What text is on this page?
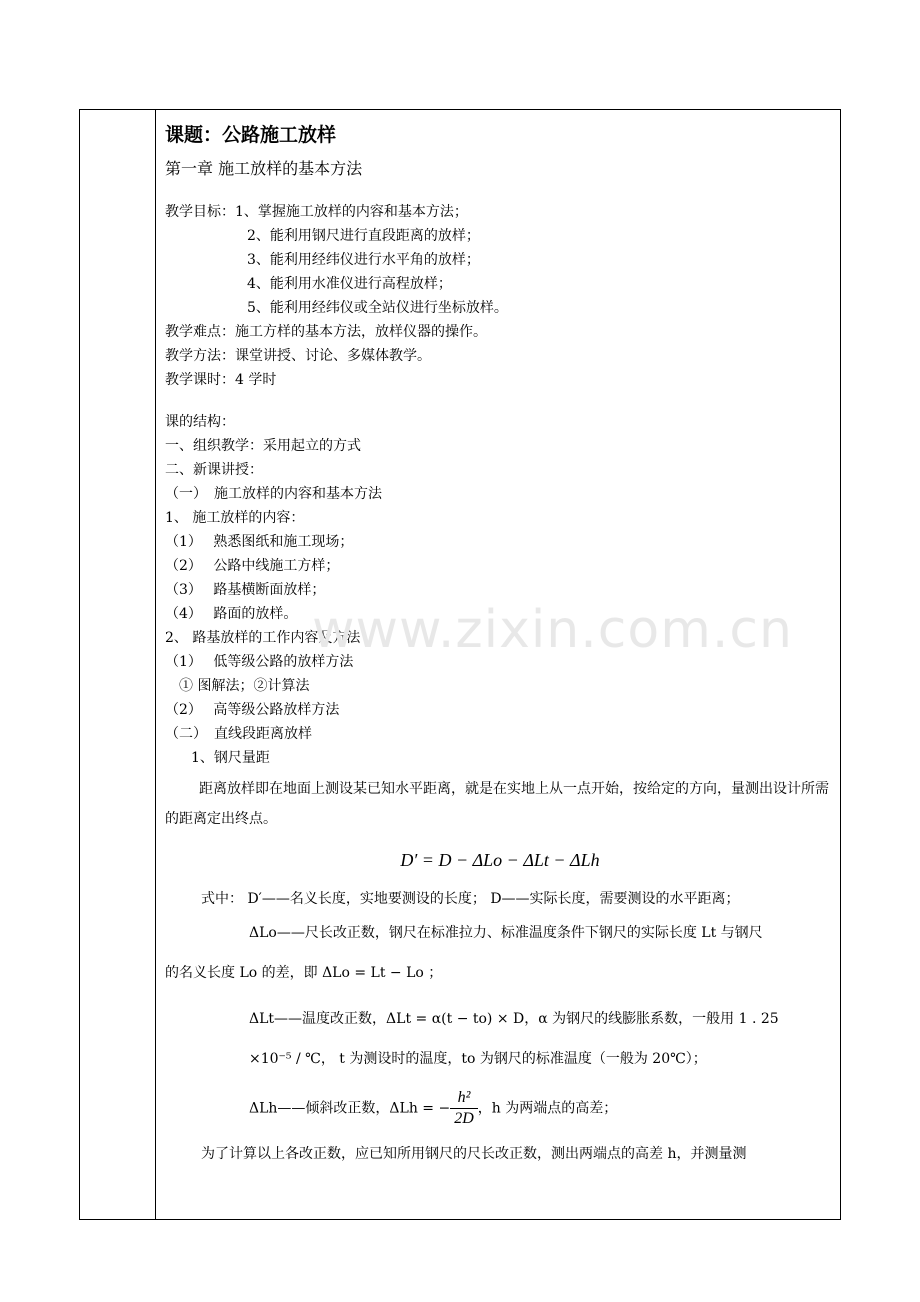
课题：公路施工放样
第一章 施工放样的基本方法
教学目标：1、掌握施工放样的内容和基本方法；
2、能利用钢尺进行直段距离的放样；
3、能利用经纬仪进行水平角的放样；
4、能利用水准仪进行高程放样；
5、能利用经纬仪或全站仪进行坐标放样。
教学难点：施工方样的基本方法，放样仪器的操作。
教学方法：课堂讲授、讨论、多媒体教学。
教学课时：4 学时
课的结构：
一、组织教学：采用起立的方式
二、新课讲授：
（一）　施工放样的内容和基本方法
1、 施工放样的内容：
（1）　 熟悉图纸和施工现场；
（2）　 公路中线施工方样；
（3）　 路基横断面放样；
（4）　 路面的放样。
2、 路基放样的工作内容及方法
（1）　 低等级公路的放样方法
① 图解法；②计算法
（2）　 高等级公路放样方法
（二）　直线段距离放样
1、钢尺量距
距离放样即在地面上测设某已知水平距离，就是在实地上从一点开始，按给定的方向，量测出设计所需的距离定出终点。
D′ = D − ΔLo − ΔLt − ΔLh
式中： D′——名义长度，实地要测设的长度； D——实际长度，需要测设的水平距离；
ΔLo——尺长改正数，钢尺在标准拉力、标准温度条件下钢尺的实际长度 Lt 与钢尺
的名义长度 Lo 的差，即 ΔLo = Lt − Lo ；
ΔLt——温度改正数，ΔLt = α(t − to) × D，α 为钢尺的线膨胀系数，一般用 1 . 25
×10⁻⁵ / ℃， t 为测设时的温度，to 为钢尺的标准温度（一般为 20℃）；
ΔLh——倾斜改正数，ΔLh = − $\frac{\text{h²}}{2D}$ ，h 为两端点的高差；
为了计算以上各改正数，应已知所用钢尺的尺长改正数，测出两端点的高差 h，并测量测
www.zixin.com.cn
